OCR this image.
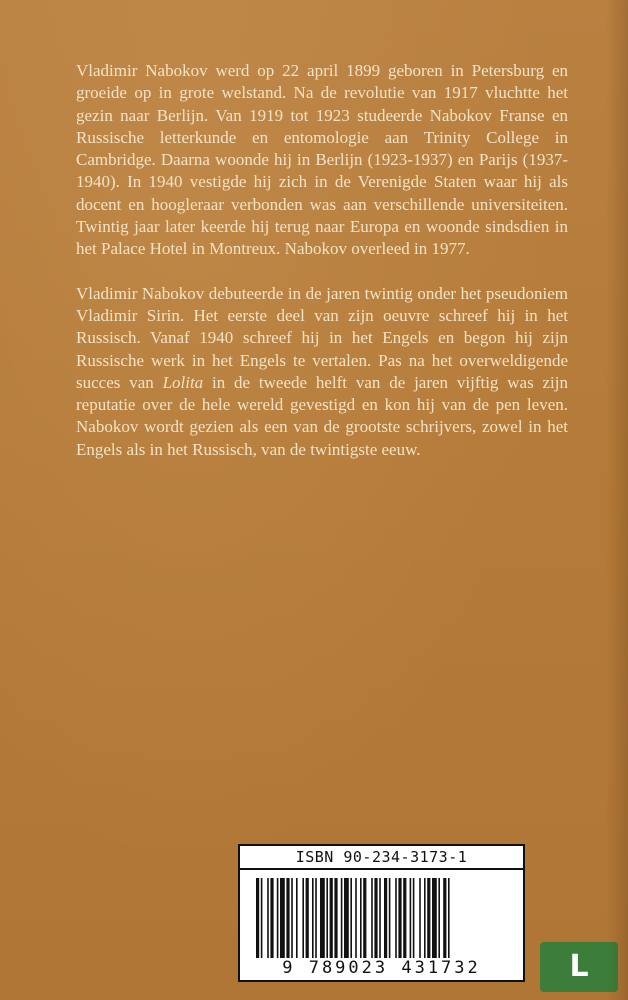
Vladimir Nabokov werd op 22 april 1899 geboren in Petersburg en groeide op in grote welstand. Na de revolutie van 1917 vluchtte het gezin naar Berlijn. Van 1919 tot 1923 studeerde Nabokov Franse en Russische letterkunde en entomologie aan Trinity College in Cambridge. Daarna woonde hij in Berlijn (1923-1937) en Parijs (1937-1940). In 1940 vestigde hij zich in de Verenigde Staten waar hij als docent en hoogleraar verbonden was aan verschillende universiteiten. Twintig jaar later keerde hij terug naar Europa en woonde sindsdien in het Palace Hotel in Montreux. Nabokov overleed in 1977.

Vladimir Nabokov debuteerde in de jaren twintig onder het pseudoniem Vladimir Sirin. Het eerste deel van zijn oeuvre schreef hij in het Russisch. Vanaf 1940 schreef hij in het Engels en begon hij zijn Russische werk in het Engels te vertalen. Pas na het overweldigende succes van Lolita in de tweede helft van de jaren vijftig was zijn reputatie over de hele wereld gevestigd en kon hij van de pen leven. Nabokov wordt gezien als een van de grootste schrijvers, zowel in het Engels als in het Russisch, van de twintigste eeuw.

ISBN 90-234-3173-1
9 789023 431732	L
